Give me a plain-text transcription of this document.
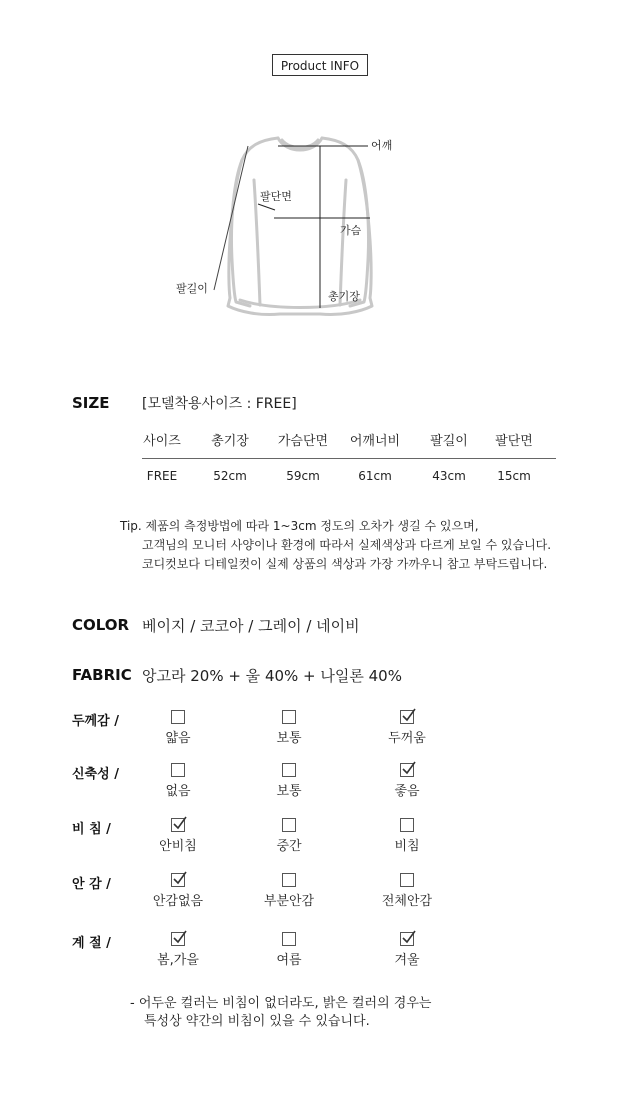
Product INFO
어깨
팔단면
가슴
팔길이
총기장
SIZE [모델착용사이즈 : FREE]
사이즈	총기장	가슴단면	어깨너비	팔길이	팔단면
FREE	52cm	59cm	61cm	43cm	15cm
Tip. 제품의 측정방법에 따라 1~3cm 정도의 오차가 생길 수 있으며,
고객님의 모니터 사양이나 환경에 따라서 실제색상과 다르게 보일 수 있습니다.
코디컷보다 디테일컷이 실제 상품의 색상과 가장 가까우니 참고 부탁드립니다.
COLOR 베이지 / 코코아 / 그레이 / 네이비
FABRIC 앙고라 20% + 울 40% + 나일론 40%
두께감 /
얇음	보통	두꺼움
신축성 /
없음	보통	좋음
비 침 /
안비침	중간	비침
안 감 /
안감없음	부분안감	전체안감
계 절 /
봄,가을	여름	겨울
- 어두운 컬러는 비침이 없더라도, 밝은 컬러의 경우는
특성상 약간의 비침이 있을 수 있습니다.
